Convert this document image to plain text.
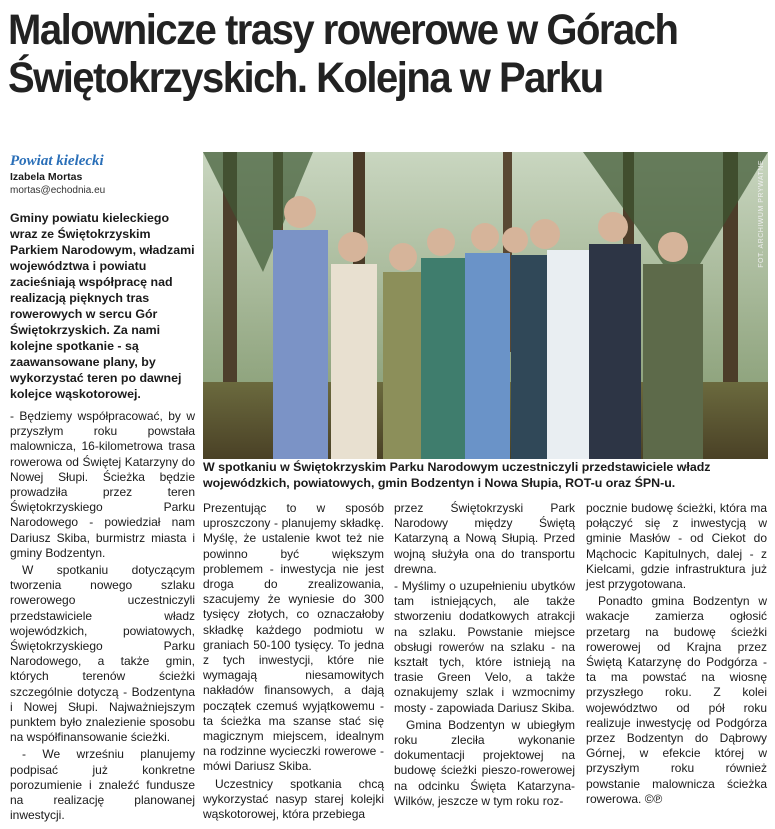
Malownicze trasy rowerowe w Górach
Świętokrzyskich. Kolejna w Parku
Powiat kielecki
Izabela Mortas
mortas@echodnia.eu

Gminy powiatu kieleckiego wraz ze Świętokrzyskim Parkiem Narodowym, władzami województwa i powiatu zacieśniają współpracę nad realizacją pięknych tras rowerowych w sercu Gór Świętokrzyskich. Za nami kolejne spotkanie - są zaawansowane plany, by wykorzystać teren po dawnej kolejce wąskotorowej.

FOT. ARCHIWUM PRYWATNE

W spotkaniu w Świętokrzyskim Parku Narodowym uczestniczyli przedstawiciele władz wojewódzkich, powiatowych, gmin Bodzentyn i Nowa Słupia, ROT-u oraz ŚPN-u.

- Będziemy współpracować, by w przyszłym roku powstała malownicza, 16-kilometrowa trasa rowerowa od Świętej Katarzyny do Nowej Słupi. Ścieżka będzie prowadziła przez teren Świętokrzyskiego Parku Narodowego - powiedział nam Dariusz Skiba, burmistrz miasta i gminy Bodzentyn.

W spotkaniu dotyczącym tworzenia nowego szlaku rowerowego uczestniczyli przedstawiciele władz wojewódzkich, powiatowych, Świętokrzyskiego Parku Narodowego, a także gmin, których terenów ścieżki szczególnie dotyczą - Bodzentyna i Nowej Słupi. Najważniejszym punktem było znalezienie sposobu na współfinansowanie ścieżki.

- We wrześniu planujemy podpisać już konkretne porozumienie i znaleźć fundusze na realizację planowanej inwestycji.

Prezentując to w sposób uproszczony - planujemy składkę. Myślę, że ustalenie kwot też nie powinno być większym problemem - inwestycja nie jest droga do zrealizowania, szacujemy że wyniesie do 300 tysięcy złotych, co oznaczałoby składkę każdego podmiotu w graniach 50-100 tysięcy. To jedna z tych inwestycji, które nie wymagają niesamowitych nakładów finansowych, a dają początek czemuś wyjątkowemu - ta ścieżka ma szanse stać się magicznym miejscem, idealnym na rodzinne wycieczki rowerowe - mówi Dariusz Skiba.

Uczestnicy spotkania chcą wykorzystać nasyp starej kolejki wąskotorowej, która przebiega

przez Świętokrzyski Park Narodowy między Świętą Katarzyną a Nową Słupią. Przed wojną służyła ona do transportu drewna.

- Myślimy o uzupełnieniu ubytków tam istniejących, ale także stworzeniu dodatkowych atrakcji na szlaku. Powstanie miejsce obsługi rowerów na szlaku - na kształt tych, które istnieją na trasie Green Velo, a także oznakujemy szlak i wzmocnimy mosty - zapowiada Dariusz Skiba.

Gmina Bodzentyn w ubiegłym roku zleciła wykonanie dokumentacji projektowej na budowę ścieżki pieszo-rowerowej na odcinku Święta Katarzyna-Wilków, jeszcze w tym roku roz-

pocznie budowę ścieżki, która ma połączyć się z inwestycją w gminie Masłów - od Ciekot do Mąchocic Kapitulnych, dalej - z Kielcami, gdzie infrastruktura już jest przygotowana.

Ponadto gmina Bodzentyn w wakacje zamierza ogłosić przetarg na budowę ścieżki rowerowej od Krajna przez Świętą Katarzynę do Podgórza - ta ma powstać na wiosnę przyszłego roku. Z kolei województwo od pół roku realizuje inwestycję od Podgórza przez Bodzentyn do Dąbrowy Górnej, w efekcie której w przyszłym roku również powstanie malownicza ścieżka rowerowa. ©℗
